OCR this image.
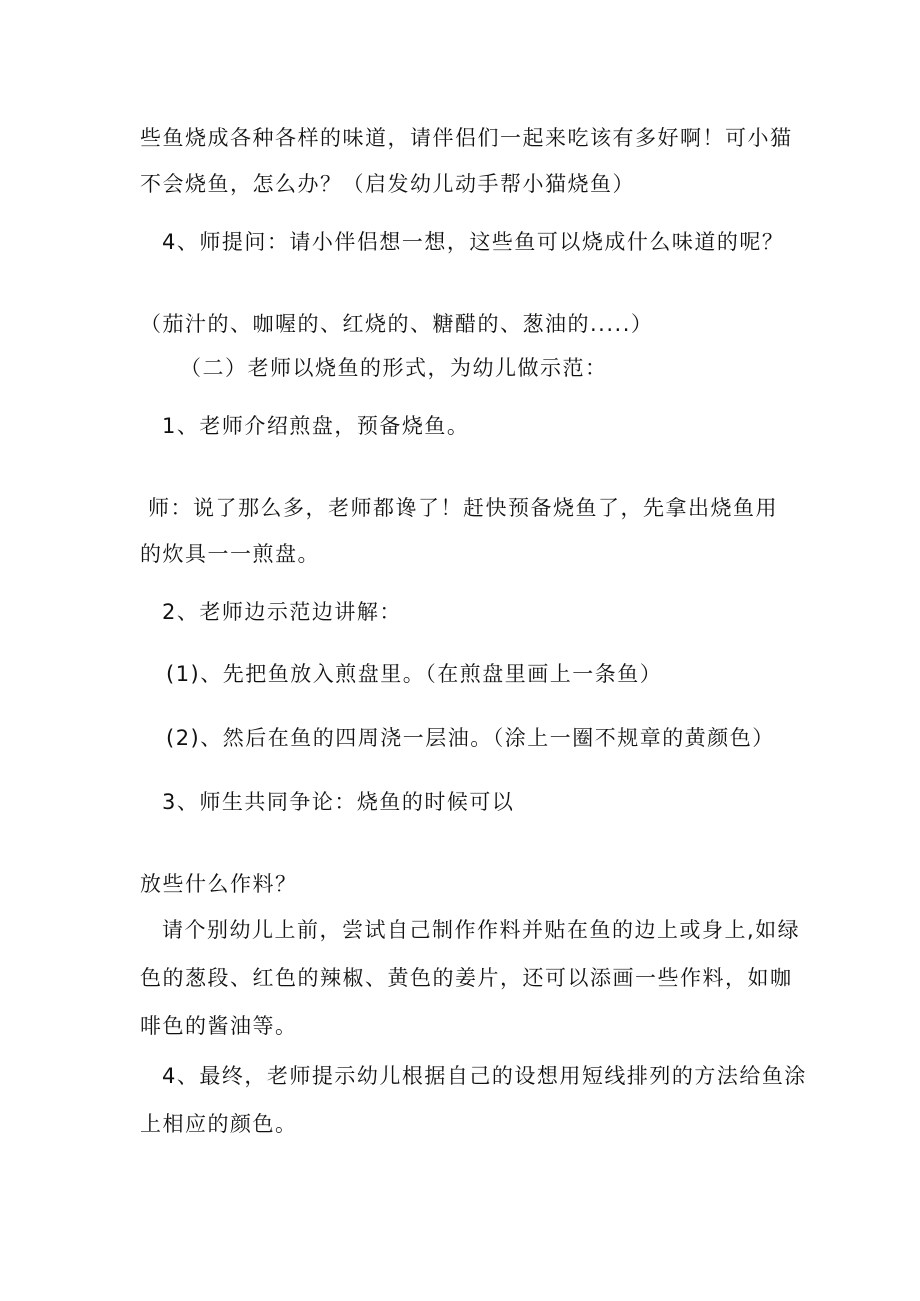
些鱼烧成各种各样的味道，请伴侣们一起来吃该有多好啊！可小猫
不会烧鱼，怎么办？（启发幼儿动手帮小猫烧鱼）
4、师提问：请小伴侣想一想，这些鱼可以烧成什么味道的呢？
（茄汁的、咖喔的、红烧的、糖醋的、葱油的.....）
（二）老师以烧鱼的形式，为幼儿做示范：
1、老师介绍煎盘，预备烧鱼。
师：说了那么多，老师都谗了！赶快预备烧鱼了，先拿出烧鱼用
的炊具一一煎盘。
2、老师边示范边讲解：
(1)、先把鱼放入煎盘里。（在煎盘里画上一条鱼）
(2)、然后在鱼的四周浇一层油。（涂上一圈不规章的黄颜色）
3、师生共同争论：烧鱼的时候可以
放些什么作料？
请个别幼儿上前，尝试自己制作作料并贴在鱼的边上或身上,如绿
色的葱段、红色的辣椒、黄色的姜片，还可以添画一些作料，如咖
啡色的酱油等。
4、最终，老师提示幼儿根据自己的设想用短线排列的方法给鱼涂
上相应的颜色。
